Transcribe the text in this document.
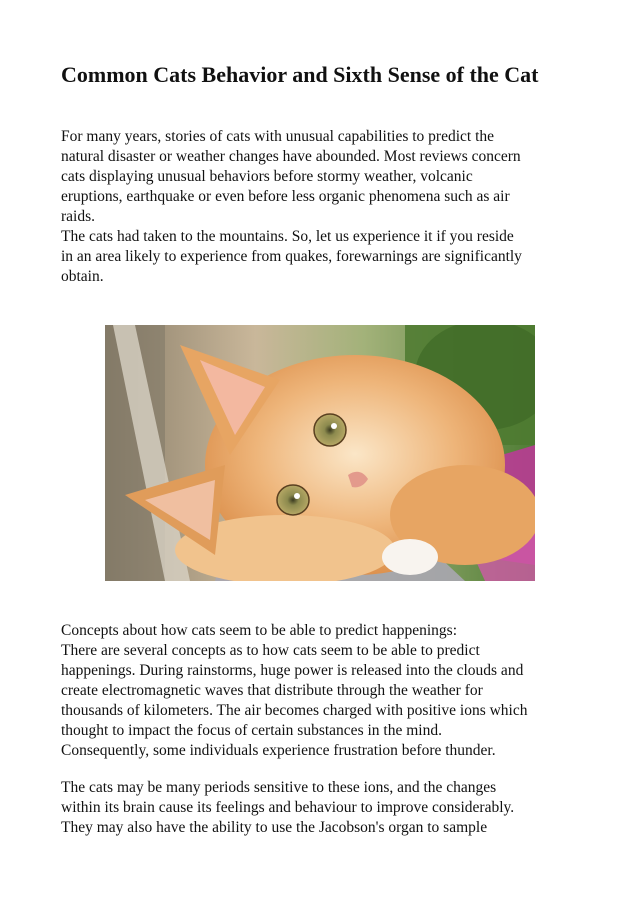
Common Cats Behavior and Sixth Sense of the Cat

For many years, stories of cats with unusual capabilities to predict the
natural disaster or weather changes have abounded. Most reviews concern
cats displaying unusual behaviors before stormy weather, volcanic
eruptions, earthquake or even before less organic phenomena such as air
raids.
The cats had taken to the mountains. So, let us experience it if you reside
in an area likely to experience from quakes, forewarnings are significantly
obtain.

Concepts about how cats seem to be able to predict happenings:
There are several concepts as to how cats seem to be able to predict
happenings. During rainstorms, huge power is released into the clouds and
create electromagnetic waves that distribute through the weather for
thousands of kilometers. The air becomes charged with positive ions which
thought to impact the focus of certain substances in the mind.
Consequently, some individuals experience frustration before thunder.

The cats may be many periods sensitive to these ions, and the changes
within its brain cause its feelings and behaviour to improve considerably.
They may also have the ability to use the Jacobson's organ to sample
